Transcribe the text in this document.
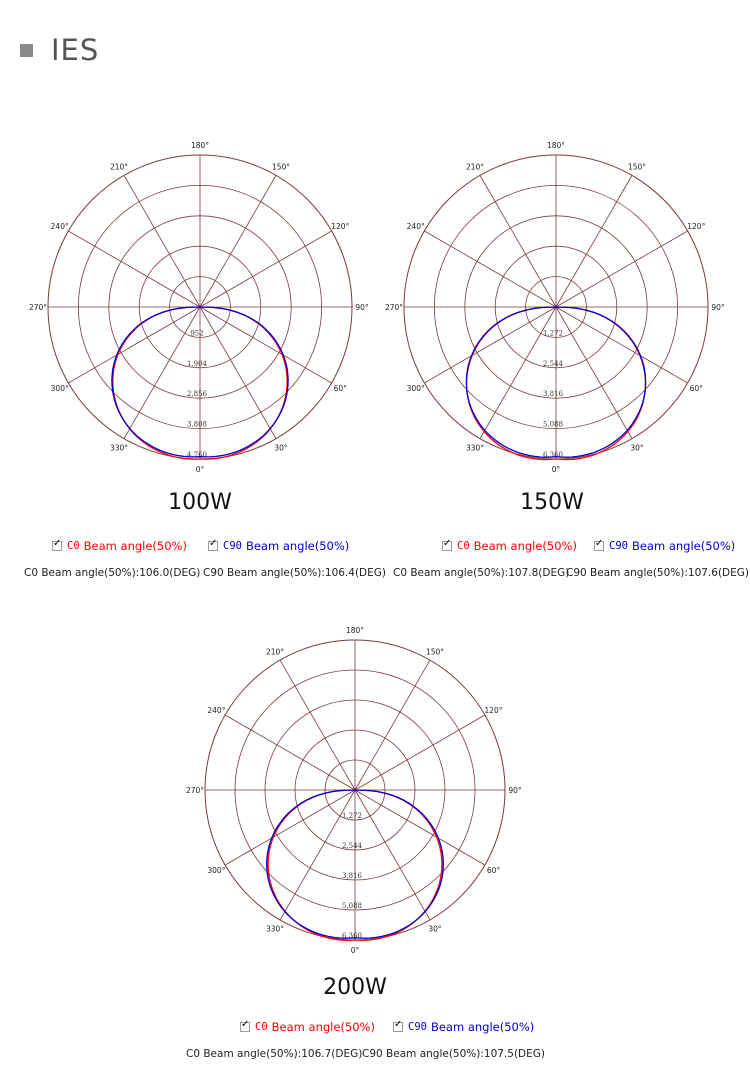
IES
180°
150°
120°
90°
60°
30°
0°
330°
300°
270°
240°
210°
952
1,904
2,856
3,808
4,760
100W
✓
C0 Beam angle(50%) ✓	C90 Beam angle(50%)
C0 Beam angle(50%):106.0(DEG) C90 Beam angle(50%):106.4(DEG)
180°
150°
120°
90°
60°
30°
0°
330°
300°
270°
240°
210°
1,272
2,544
3,816
5,088
6,360
150W
✓
C0 Beam angle(50%) ✓	C90 Beam angle(50%)
C0 Beam angle(50%):107.8(DEG)
C90 Beam angle(50%):107.6(DEG)
180°
150°
120°
90°
60°
30°
0°
330°
300°
270°
240°
210°
1,272
2,544
3,816
5,088
6,360
200W
✓
C0 Beam angle(50%) ✓	C90 Beam angle(50%)
C0 Beam angle(50%):106.7(DEG) C90 Beam angle(50%):107.5(DEG)
